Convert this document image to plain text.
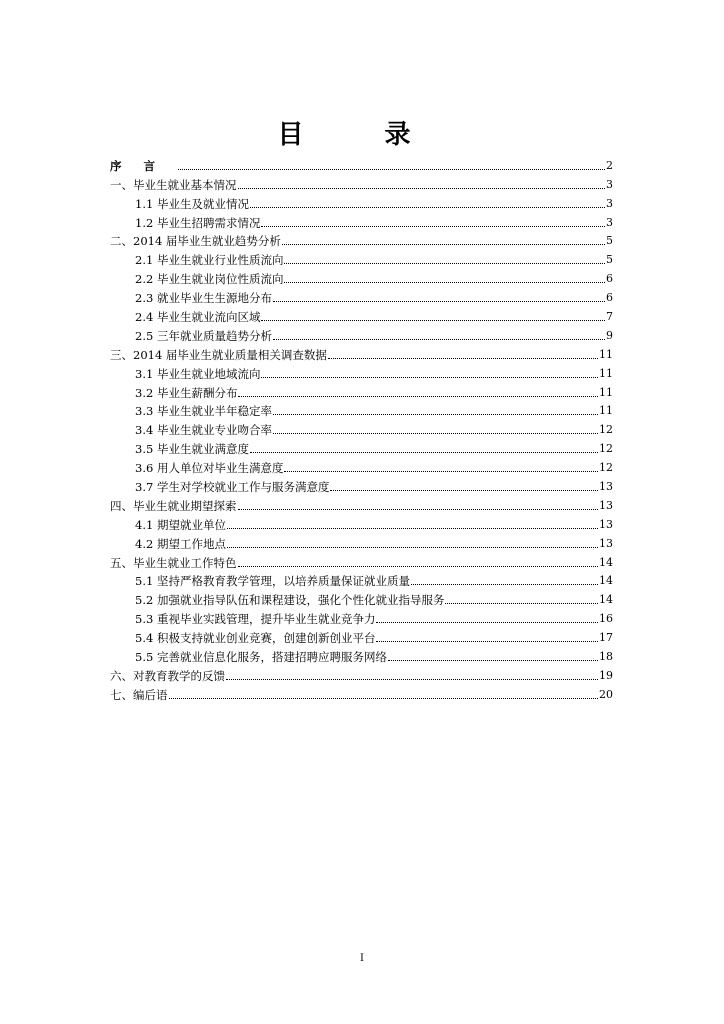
目 录
序言	2
一、毕业生就业基本情况	3
1.1 毕业生及就业情况	3
1.2 毕业生招聘需求情况	3
二、2014 届毕业生就业趋势分析	5
2.1 毕业生就业行业性质流向	5
2.2 毕业生就业岗位性质流向	6
2.3 就业毕业生生源地分布	6
2.4 毕业生就业流向区域	7
2.5 三年就业质量趋势分析	9
三、2014 届毕业生就业质量相关调查数据	11
3.1 毕业生就业地域流向	11
3.2 毕业生薪酬分布	11
3.3 毕业生就业半年稳定率	11
3.4 毕业生就业专业吻合率	12
3.5 毕业生就业满意度	12
3.6 用人单位对毕业生满意度	12
3.7 学生对学校就业工作与服务满意度	13
四、毕业生就业期望探索	13
4.1 期望就业单位	13
4.2 期望工作地点	13
五、毕业生就业工作特色	14
5.1 坚持严格教育教学管理，以培养质量保证就业质量	14
5.2 加强就业指导队伍和课程建设，强化个性化就业指导服务	14
5.3 重视毕业实践管理，提升毕业生就业竞争力	16
5.4 积极支持就业创业竞赛，创建创新创业平台	17
5.5 完善就业信息化服务，搭建招聘应聘服务网络	18
六、对教育教学的反馈	19
七、编后语	20
I
